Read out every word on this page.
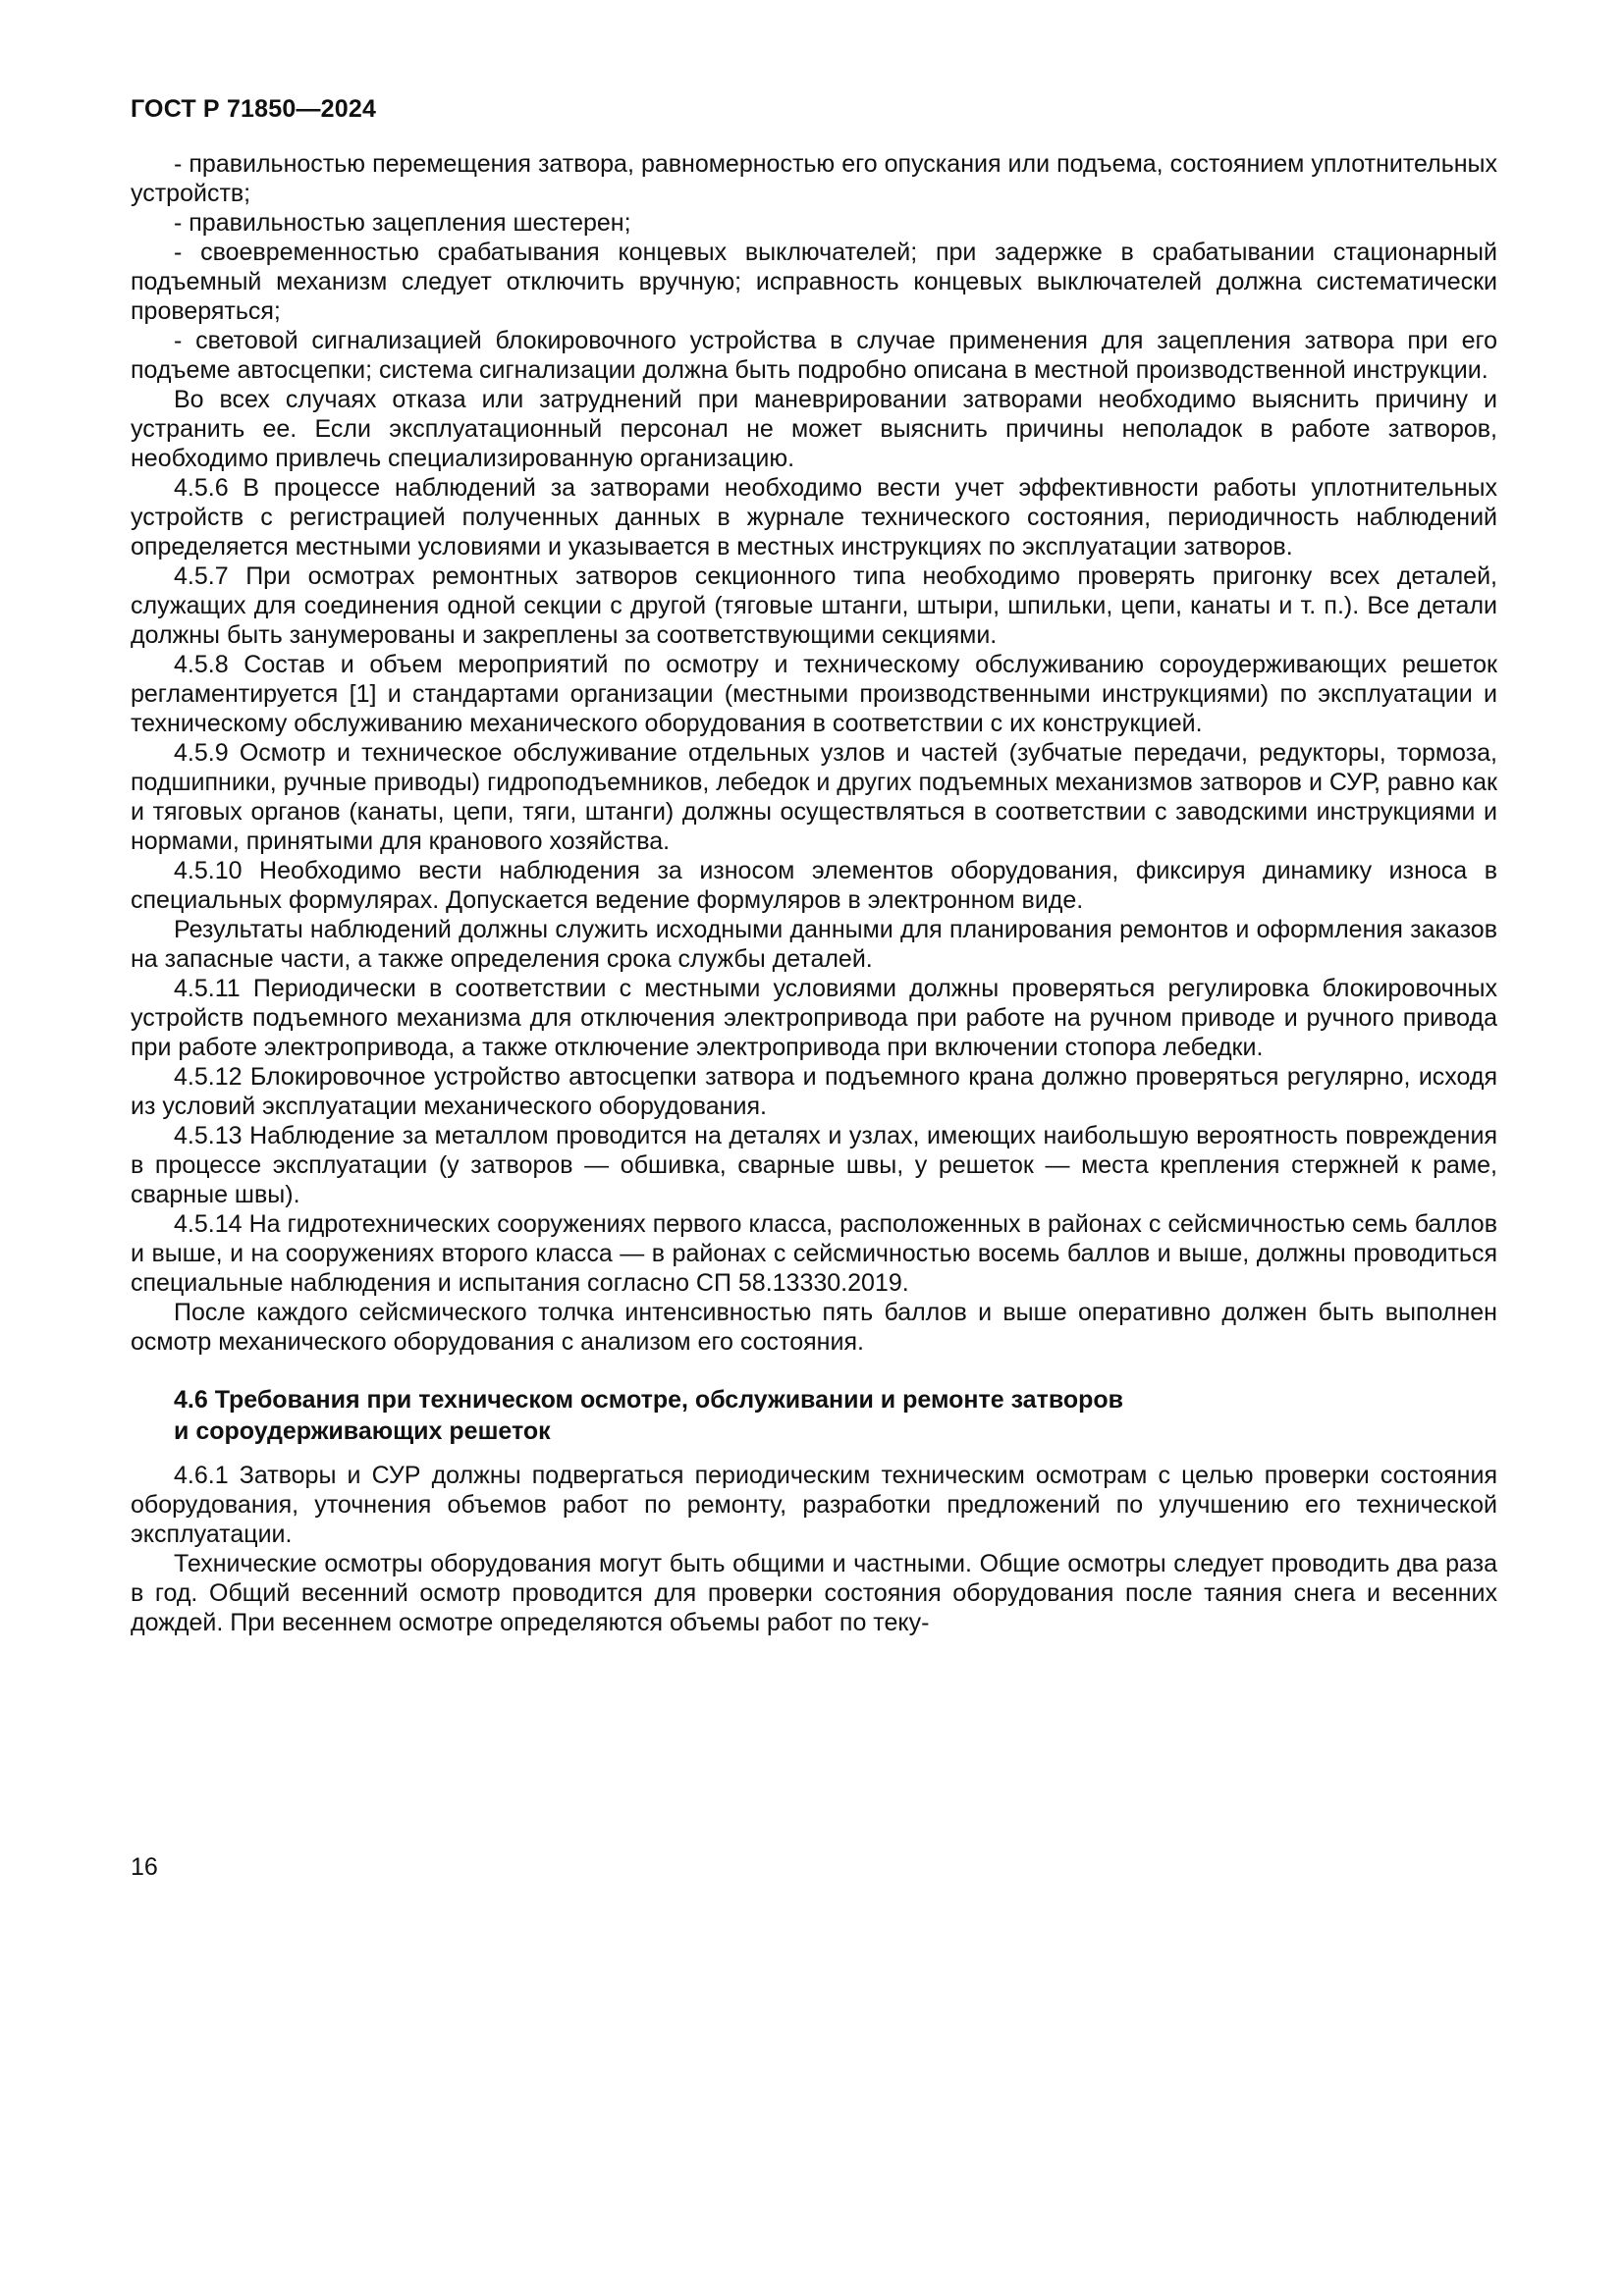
ГОСТ Р 71850—2024

- правильностью перемещения затвора, равномерностью его опускания или подъема, состоянием уплотнительных устройств;

- правильностью зацепления шестерен;

- своевременностью срабатывания концевых выключателей; при задержке в срабатывании стационарный подъемный механизм следует отключить вручную; исправность концевых выключателей должна систематически проверяться;

- световой сигнализацией блокировочного устройства в случае применения для зацепления затвора при его подъеме автосцепки; система сигнализации должна быть подробно описана в местной производственной инструкции.

Во всех случаях отказа или затруднений при маневрировании затворами необходимо выяснить причину и устранить ее. Если эксплуатационный персонал не может выяснить причины неполадок в работе затворов, необходимо привлечь специализированную организацию.

4.5.6 В процессе наблюдений за затворами необходимо вести учет эффективности работы уплотнительных устройств с регистрацией полученных данных в журнале технического состояния, периодичность наблюдений определяется местными условиями и указывается в местных инструкциях по эксплуатации затворов.

4.5.7 При осмотрах ремонтных затворов секционного типа необходимо проверять пригонку всех деталей, служащих для соединения одной секции с другой (тяговые штанги, штыри, шпильки, цепи, канаты и т. п.). Все детали должны быть занумерованы и закреплены за соответствующими секциями.

4.5.8 Состав и объем мероприятий по осмотру и техническому обслуживанию сороудерживающих решеток регламентируется [1] и стандартами организации (местными производственными инструкциями) по эксплуатации и техническому обслуживанию механического оборудования в соответствии с их конструкцией.

4.5.9 Осмотр и техническое обслуживание отдельных узлов и частей (зубчатые передачи, редукторы, тормоза, подшипники, ручные приводы) гидроподъемников, лебедок и других подъемных механизмов затворов и СУР, равно как и тяговых органов (канаты, цепи, тяги, штанги) должны осуществляться в соответствии с заводскими инструкциями и нормами, принятыми для кранового хозяйства.

4.5.10 Необходимо вести наблюдения за износом элементов оборудования, фиксируя динамику износа в специальных формулярах. Допускается ведение формуляров в электронном виде.

Результаты наблюдений должны служить исходными данными для планирования ремонтов и оформления заказов на запасные части, а также определения срока службы деталей.

4.5.11 Периодически в соответствии с местными условиями должны проверяться регулировка блокировочных устройств подъемного механизма для отключения электропривода при работе на ручном приводе и ручного привода при работе электропривода, а также отключение электропривода при включении стопора лебедки.

4.5.12 Блокировочное устройство автосцепки затвора и подъемного крана должно проверяться регулярно, исходя из условий эксплуатации механического оборудования.

4.5.13 Наблюдение за металлом проводится на деталях и узлах, имеющих наибольшую вероятность повреждения в процессе эксплуатации (у затворов — обшивка, сварные швы, у решеток — места крепления стержней к раме, сварные швы).

4.5.14 На гидротехнических сооружениях первого класса, расположенных в районах с сейсмичностью семь баллов и выше, и на сооружениях второго класса — в районах с сейсмичностью восемь баллов и выше, должны проводиться специальные наблюдения и испытания согласно СП 58.13330.2019.

После каждого сейсмического толчка интенсивностью пять баллов и выше оперативно должен быть выполнен осмотр механического оборудования с анализом его состояния.

4.6 Требования при техническом осмотре, обслуживании и ремонте затворов
и сороудерживающих решеток

4.6.1 Затворы и СУР должны подвергаться периодическим техническим осмотрам с целью проверки состояния оборудования, уточнения объемов работ по ремонту, разработки предложений по улучшению его технической эксплуатации.

Технические осмотры оборудования могут быть общими и частными. Общие осмотры следует проводить два раза в год. Общий весенний осмотр проводится для проверки состояния оборудования после таяния снега и весенних дождей. При весеннем осмотре определяются объемы работ по теку-

16
